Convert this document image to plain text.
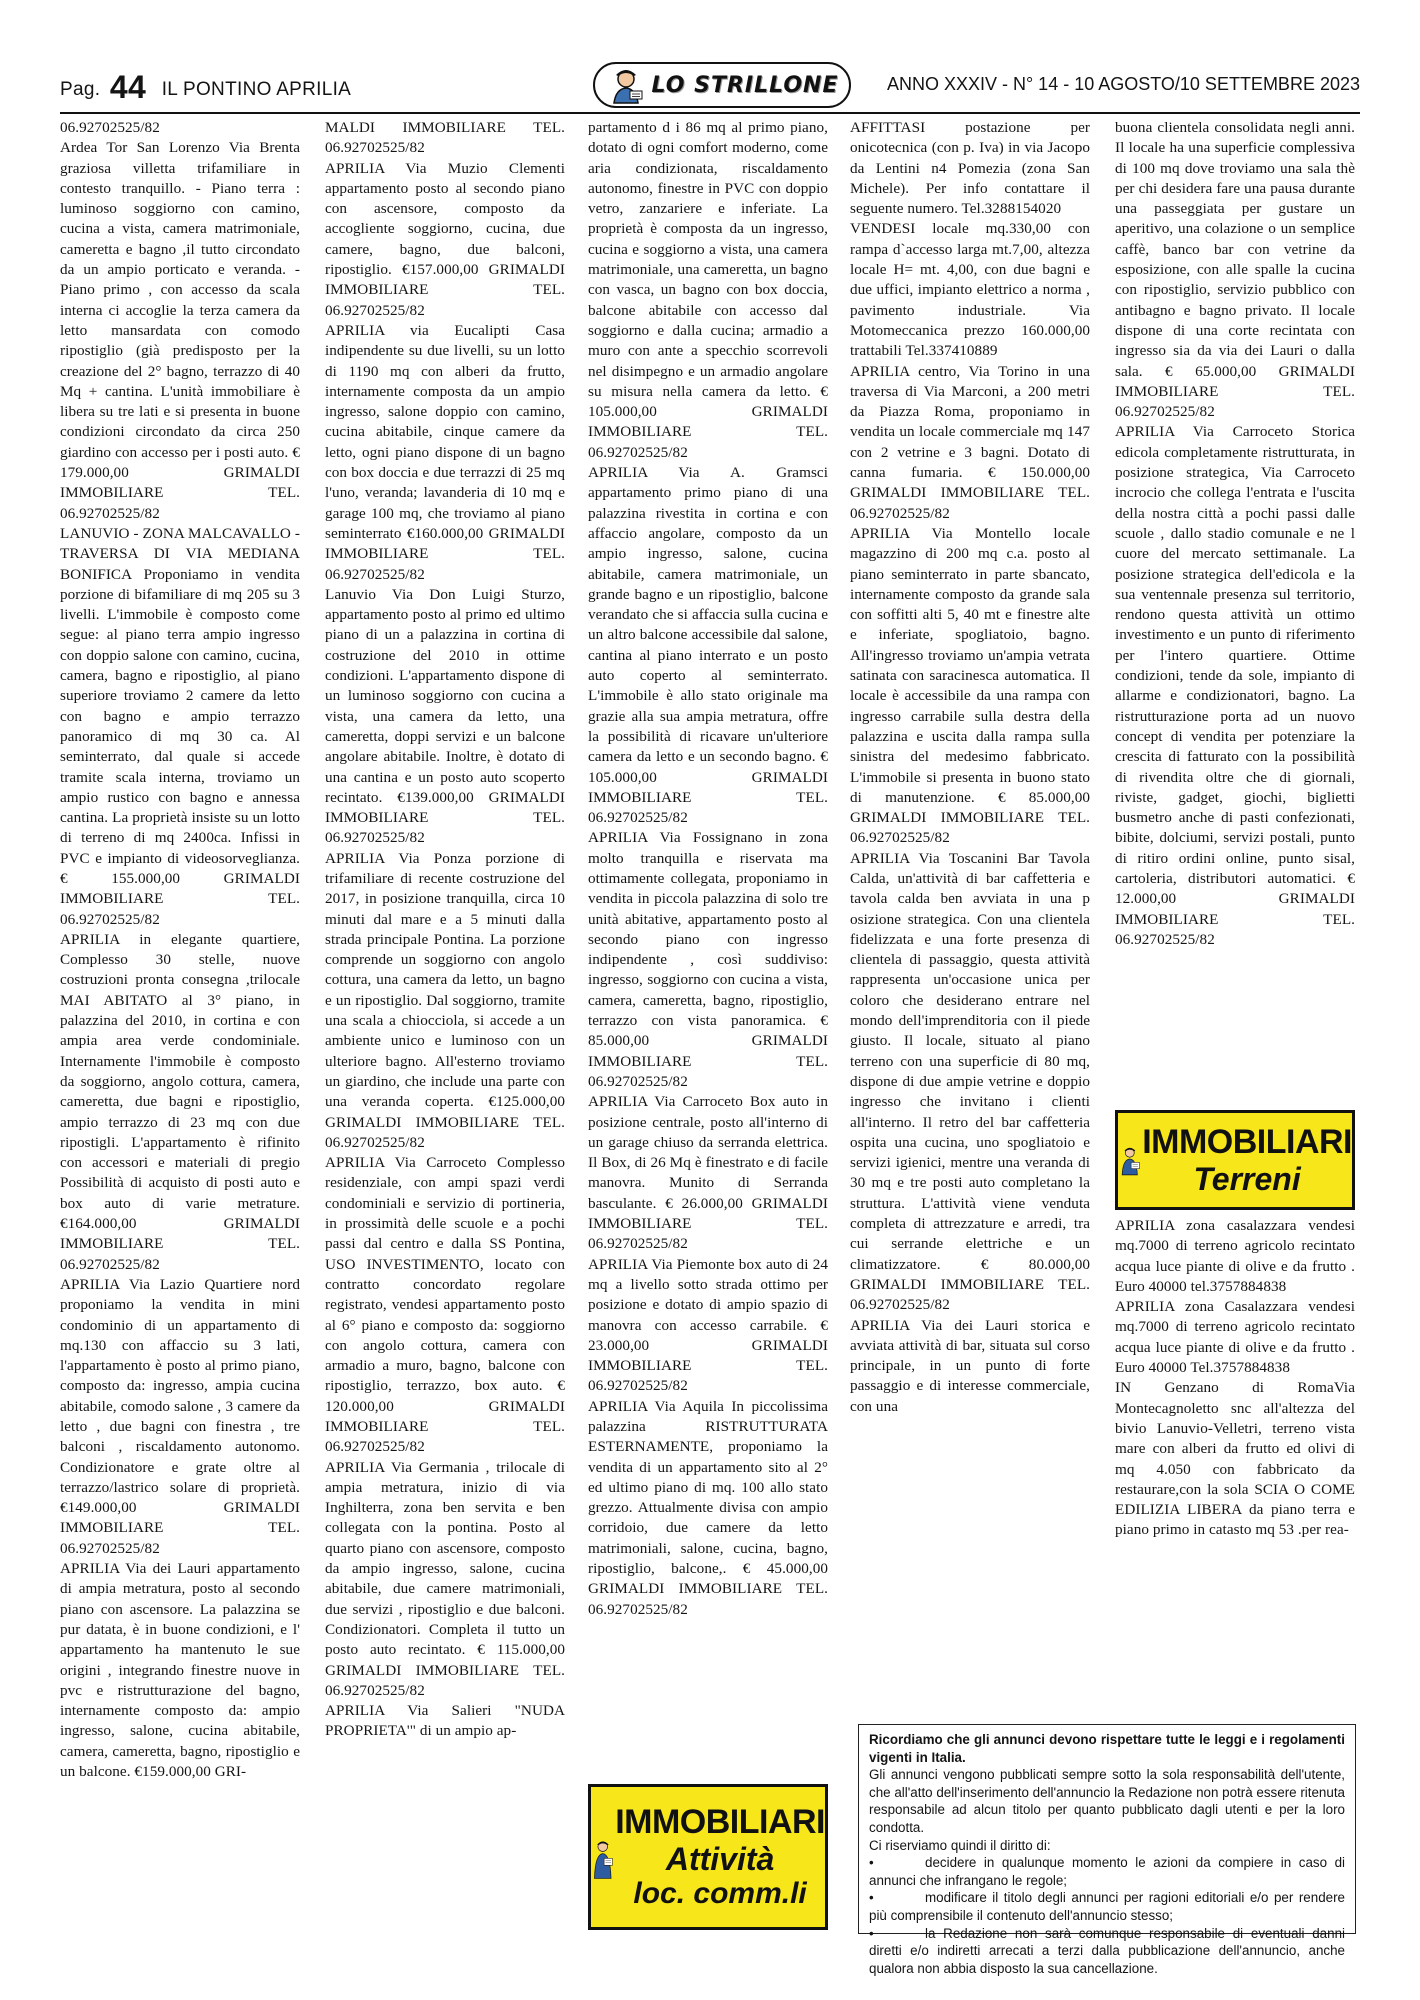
Pag. 44 IL PONTINO APRILIA	LO STRILLONE	ANNO XXXIV - N° 14 - 10 AGOSTO/10 SETTEMBRE 2023

06.92702525/82

Ardea Tor San Lorenzo Via Brenta graziosa villetta trifamiliare in contesto tranquillo. - Piano terra : luminoso soggiorno con camino, cucina a vista, camera matrimoniale, cameretta e bagno ,il tutto circondato da un ampio porticato e veranda. - Piano primo , con accesso da scala interna ci accoglie la terza camera da letto mansardata con comodo ripostiglio (già predisposto per la creazione del 2° bagno, terrazzo di 40 Mq + cantina. L'unità immobiliare è libera su tre lati e si presenta in buone condizioni circondato da circa 250 giardino con accesso per i posti auto. € 179.000,00 GRIMALDI IMMOBILIARE TEL. 06.92702525/82

LANUVIO - ZONA MALCAVALLO - TRAVERSA DI VIA MEDIANA BONIFICA Proponiamo in vendita porzione di bifamiliare di mq 205 su 3 livelli. L'immobile è composto come segue: al piano terra ampio ingresso con doppio salone con camino, cucina, camera, bagno e ripostiglio, al piano superiore troviamo 2 camere da letto con bagno e ampio terrazzo panoramico di mq 30 ca. Al seminterrato, dal quale si accede tramite scala interna, troviamo un ampio rustico con bagno e annessa cantina. La proprietà insiste su un lotto di terreno di mq 2400ca. Infissi in PVC e impianto di videosorveglianza. € 155.000,00 GRIMALDI IMMOBILIARE TEL. 06.92702525/82

APRILIA in elegante quartiere, Complesso 30 stelle, nuove costruzioni pronta consegna ,trilocale MAI ABITATO al 3° piano, in palazzina del 2010, in cortina e con ampia area verde condominiale. Internamente l'immobile è composto da soggiorno, angolo cottura, camera, cameretta, due bagni e ripostiglio, ampio terrazzo di 23 mq con due ripostigli. L'appartamento è rifinito con accessori e materiali di pregio Possibilità di acquisto di posti auto e box auto di varie metrature. €164.000,00 GRIMALDI IMMOBILIARE TEL. 06.92702525/82

APRILIA Via Lazio Quartiere nord proponiamo la vendita in mini condominio di un appartamento di mq.130 con affaccio su 3 lati, l'appartamento è posto al primo piano, composto da: ingresso, ampia cucina abitabile, comodo salone , 3 camere da letto , due bagni con finestra , tre balconi , riscaldamento autonomo. Condizionatore e grate oltre al terrazzo/lastrico solare di proprietà. €149.000,00 GRIMALDI IMMOBILIARE TEL. 06.92702525/82

APRILIA Via dei Lauri appartamento di ampia metratura, posto al secondo piano con ascensore. La palazzina se pur datata, è in buone condizioni, e l' appartamento ha mantenuto le sue origini , integrando finestre nuove in pvc e ristrutturazione del bagno, internamente composto da: ampio ingresso, salone, cucina abitabile, camera, cameretta, bagno, ripostiglio e un balcone. €159.000,00 GRI-

MALDI IMMOBILIARE TEL. 06.92702525/82

APRILIA Via Muzio Clementi appartamento posto al secondo piano con ascensore, composto da accogliente soggiorno, cucina, due camere, bagno, due balconi, ripostiglio. €157.000,00 GRIMALDI IMMOBILIARE TEL. 06.92702525/82

APRILIA via Eucalipti Casa indipendente su due livelli, su un lotto di 1190 mq con alberi da frutto, internamente composta da un ampio ingresso, salone doppio con camino, cucina abitabile, cinque camere da letto, ogni piano dispone di un bagno con box doccia e due terrazzi di 25 mq l'uno, veranda; lavanderia di 10 mq e garage 100 mq, che troviamo al piano seminterrato €160.000,00 GRIMALDI IMMOBILIARE TEL. 06.92702525/82

Lanuvio Via Don Luigi Sturzo, appartamento posto al primo ed ultimo piano di un a palazzina in cortina di costruzione del 2010 in ottime condizioni. L'appartamento dispone di un luminoso soggiorno con cucina a vista, una camera da letto, una cameretta, doppi servizi e un balcone angolare abitabile. Inoltre, è dotato di una cantina e un posto auto scoperto recintato. €139.000,00 GRIMALDI IMMOBILIARE TEL. 06.92702525/82

APRILIA Via Ponza porzione di trifamiliare di recente costruzione del 2017, in posizione tranquilla, circa 10 minuti dal mare e a 5 minuti dalla strada principale Pontina. La porzione comprende un soggiorno con angolo cottura, una camera da letto, un bagno e un ripostiglio. Dal soggiorno, tramite una scala a chiocciola, si accede a un ambiente unico e luminoso con un ulteriore bagno. All'esterno troviamo un giardino, che include una parte con una veranda coperta. €125.000,00 GRIMALDI IMMOBILIARE TEL. 06.92702525/82

APRILIA Via Carroceto Complesso residenziale, con ampi spazi verdi condominiali e servizio di portineria, in prossimità delle scuole e a pochi passi dal centro e dalla SS Pontina, USO INVESTIMENTO, locato con contratto concordato regolare registrato, vendesi appartamento posto al 6° piano e composto da: soggiorno con angolo cottura, camera con armadio a muro, bagno, balcone con ripostiglio, terrazzo, box auto. € 120.000,00 GRIMALDI IMMOBILIARE TEL. 06.92702525/82

APRILIA Via Germania , trilocale di ampia metratura, inizio di via Inghilterra, zona ben servita e ben collegata con la pontina. Posto al quarto piano con ascensore, composto da ampio ingresso, salone, cucina abitabile, due camere matrimoniali, due servizi , ripostiglio e due balconi. Condizionatori. Completa il tutto un posto auto recintato. € 115.000,00 GRIMALDI IMMOBILIARE TEL. 06.92702525/82

APRILIA Via Salieri "NUDA PROPRIETA'" di un ampio ap-

partamento d i 86 mq al primo piano, dotato di ogni comfort moderno, come aria condizionata, riscaldamento autonomo, finestre in PVC con doppio vetro, zanzariere e inferiate. La proprietà è composta da un ingresso, cucina e soggiorno a vista, una camera matrimoniale, una cameretta, un bagno con vasca, un bagno con box doccia, balcone abitabile con accesso dal soggiorno e dalla cucina; armadio a muro con ante a specchio scorrevoli nel disimpegno e un armadio angolare su misura nella camera da letto. € 105.000,00 GRIMALDI IMMOBILIARE TEL. 06.92702525/82

APRILIA Via A. Gramsci appartamento primo piano di una palazzina rivestita in cortina e con affaccio angolare, composto da un ampio ingresso, salone, cucina abitabile, camera matrimoniale, un grande bagno e un ripostiglio, balcone verandato che si affaccia sulla cucina e un altro balcone accessibile dal salone, cantina al piano interrato e un posto auto coperto al seminterrato. L'immobile è allo stato originale ma grazie alla sua ampia metratura, offre la possibilità di ricavare un'ulteriore camera da letto e un secondo bagno. € 105.000,00 GRIMALDI IMMOBILIARE TEL. 06.92702525/82

APRILIA Via Fossignano in zona molto tranquilla e riservata ma ottimamente collegata, proponiamo in vendita in piccola palazzina di solo tre unità abitative, appartamento posto al secondo piano con ingresso indipendente , così suddiviso: ingresso, soggiorno con cucina a vista, camera, cameretta, bagno, ripostiglio, terrazzo con vista panoramica. € 85.000,00 GRIMALDI IMMOBILIARE TEL. 06.92702525/82

APRILIA Via Carroceto Box auto in posizione centrale, posto all'interno di un garage chiuso da serranda elettrica. Il Box, di 26 Mq è finestrato e di facile manovra. Munito di Serranda basculante. € 26.000,00 GRIMALDI IMMOBILIARE TEL. 06.92702525/82

APRILIA Via Piemonte box auto di 24 mq a livello sotto strada ottimo per posizione e dotato di ampio spazio di manovra con accesso carrabile. € 23.000,00 GRIMALDI IMMOBILIARE TEL. 06.92702525/82

APRILIA Via Aquila In piccolissima palazzina RISTRUTTURATA ESTERNAMENTE, proponiamo la vendita di un appartamento sito al 2° ed ultimo piano di mq. 100 allo stato grezzo. Attualmente divisa con ampio corridoio, due camere da letto matrimoniali, salone, cucina, bagno, ripostiglio, balcone,. € 45.000,00 GRIMALDI IMMOBILIARE TEL. 06.92702525/82

AFFITTASI postazione per onicotecnica (con p. Iva) in via Jacopo da Lentini n4 Pomezia (zona San Michele). Per info contattare il seguente numero. Tel.3288154020

VENDESI locale mq.330,00 con rampa d`accesso larga mt.7,00, altezza locale H= mt. 4,00, con due bagni e due uffici, impianto elettrico a norma , pavimento industriale. Via Motomeccanica prezzo 160.000,00 trattabili Tel.337410889

APRILIA centro, Via Torino in una traversa di Via Marconi, a 200 metri da Piazza Roma, proponiamo in vendita un locale commerciale mq 147 con 2 vetrine e 3 bagni. Dotato di canna fumaria. € 150.000,00 GRIMALDI IMMOBILIARE TEL. 06.92702525/82

APRILIA Via Montello locale magazzino di 200 mq c.a. posto al piano seminterrato in parte sbancato, internamente composto da grande sala con soffitti alti 5, 40 mt e finestre alte e inferiate, spogliatoio, bagno. All'ingresso troviamo un'ampia vetrata satinata con saracinesca automatica. Il locale è accessibile da una rampa con ingresso carrabile sulla destra della palazzina e uscita dalla rampa sulla sinistra del medesimo fabbricato. L'immobile si presenta in buono stato di manutenzione. € 85.000,00 GRIMALDI IMMOBILIARE TEL. 06.92702525/82

APRILIA Via Toscanini Bar Tavola Calda, un'attività di bar caffetteria e tavola calda ben avviata in una p osizione strategica. Con una clientela fidelizzata e una forte presenza di clientela di passaggio, questa attività rappresenta un'occasione unica per coloro che desiderano entrare nel mondo dell'imprenditoria con il piede giusto. Il locale, situato al piano terreno con una superficie di 80 mq, dispone di due ampie vetrine e doppio ingresso che invitano i clienti all'interno. Il retro del bar caffetteria ospita una cucina, uno spogliatoio e servizi igienici, mentre una veranda di 30 mq e tre posti auto completano la struttura. L'attività viene venduta completa di attrezzature e arredi, tra cui serrande elettriche e un climatizzatore. € 80.000,00 GRIMALDI IMMOBILIARE TEL. 06.92702525/82

APRILIA Via dei Lauri storica e avviata attività di bar, situata sul corso principale, in un punto di forte passaggio e di interesse commerciale, con una

buona clientela consolidata negli anni. Il locale ha una superficie complessiva di 100 mq dove troviamo una sala thè per chi desidera fare una pausa durante una passeggiata per gustare un aperitivo, una colazione o un semplice caffè, banco bar con vetrine da esposizione, con alle spalle la cucina con ripostiglio, servizio pubblico con antibagno e bagno privato. Il locale dispone di una corte recintata con ingresso sia da via dei Lauri o dalla sala. € 65.000,00 GRIMALDI IMMOBILIARE TEL. 06.92702525/82

APRILIA Via Carroceto Storica edicola completamente ristrutturata, in posizione strategica, Via Carroceto incrocio che collega l'entrata e l'uscita della nostra città a pochi passi dalle scuole , dallo stadio comunale e ne l cuore del mercato settimanale. La posizione strategica dell'edicola e la sua ventennale presenza sul territorio, rendono questa attività un ottimo investimento e un punto di riferimento per l'intero quartiere. Ottime condizioni, tende da sole, impianto di allarme e condizionatori, bagno. La ristrutturazione porta ad un nuovo concept di vendita per potenziare la crescita di fatturato con la possibilità di rivendita oltre che di giornali, riviste, gadget, giochi, biglietti busmetro anche di pasti confezionati, bibite, dolciumi, servizi postali, punto di ritiro ordini online, punto sisal, cartoleria, distributori automatici. € 12.000,00 GRIMALDI IMMOBILIARE TEL. 06.92702525/82

IMMOBILIARI
Terreni

APRILIA zona casalazzara vendesi mq.7000 di terreno agricolo recintato acqua luce piante di olive e da frutto . Euro 40000 tel.3757884838

APRILIA zona Casalazzara vendesi mq.7000 di terreno agricolo recintato acqua luce piante di olive e da frutto . Euro 40000 Tel.3757884838

IN Genzano di RomaVia Montecagnoletto snc all'altezza del bivio Lanuvio-Velletri, terreno vista mare con alberi da frutto ed olivi di mq 4.050 con fabbricato da restaurare,con la sola SCIA O COME EDILIZIA LIBERA da piano terra e piano primo in catasto mq 53 .per rea-

IMMOBILIARI
Attività
loc. comm.li

Ricordiamo che gli annunci devono rispettare tutte le leggi e i regolamenti vigenti in Italia.

Gli annunci vengono pubblicati sempre sotto la sola responsabilità dell'utente, che all'atto dell'inserimento dell'annuncio la Redazione non potrà essere ritenuta responsabile ad alcun titolo per quanto pubblicato dagli utenti e per la loro condotta.

Ci riserviamo quindi il diritto di:

•	decidere in qualunque momento le azioni da compiere in caso di annunci che infrangano le regole;
•	modificare il titolo degli annunci per ragioni editoriali e/o per rendere più comprensibile il contenuto dell'annuncio stesso;
•	la Redazione non sarà comunque responsabile di eventuali danni diretti e/o indiretti arrecati a terzi dalla pubblicazione dell'annuncio, anche qualora non abbia disposto la sua cancellazione.
